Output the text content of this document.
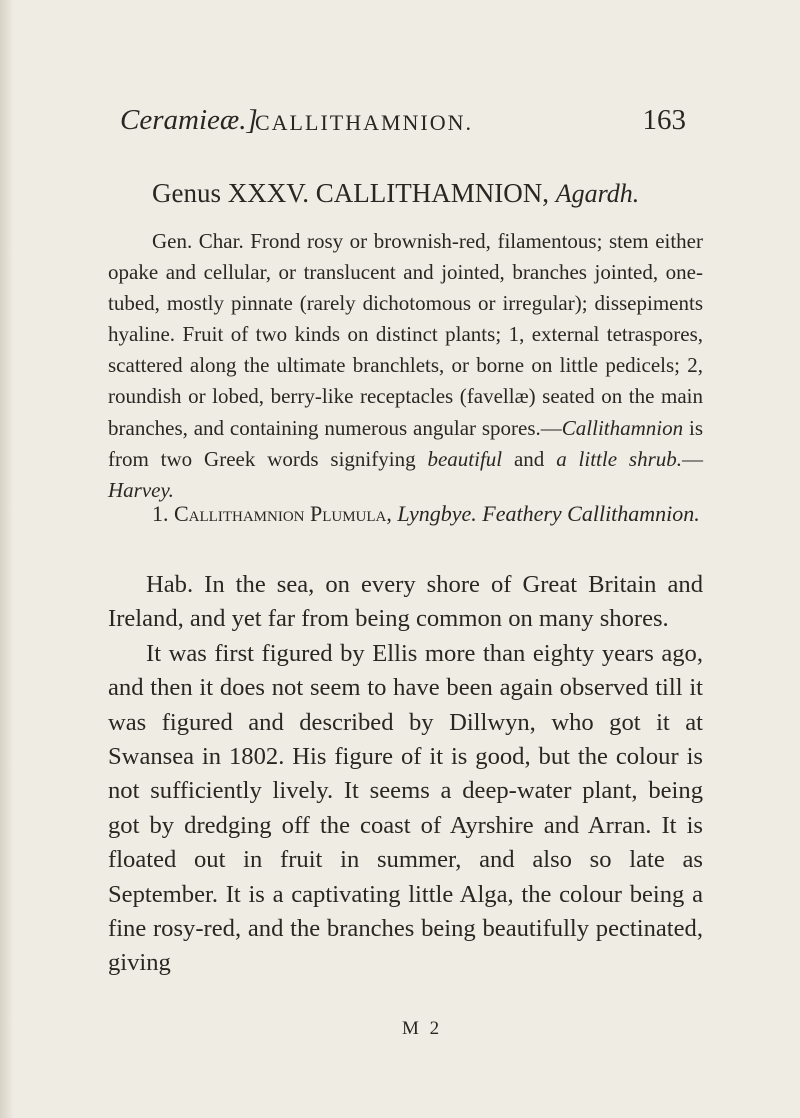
Ceramieæ.]
CALLITHAMNION.	163
Genus XXXV. CALLITHAMNION, Agardh.

Gen. Char. Frond rosy or brownish-red, filamentous; stem either opake and cellular, or translucent and jointed, branches jointed, one-tubed, mostly pinnate (rarely dichotomous or irregular); dissepiments hyaline. Fruit of two kinds on distinct plants; 1, external tetraspores, scattered along the ultimate branchlets, or borne on little pedicels; 2, roundish or lobed, berry-like receptacles (favellæ) seated on the main branches, and containing numerous angular spores.—Callithamnion is from two Greek words signifying beautiful and a little shrub.—Harvey.

1. Callithamnion Plumula, Lyngbye. Feathery Callithamnion.

Hab. In the sea, on every shore of Great Britain and Ireland, and yet far from being common on many shores.

It was first figured by Ellis more than eighty years ago, and then it does not seem to have been again observed till it was figured and described by Dillwyn, who got it at Swansea in 1802. His figure of it is good, but the colour is not sufficiently lively. It seems a deep-water plant, being got by dredging off the coast of Ayrshire and Arran. It is floated out in fruit in summer, and also so late as September. It is a captivating little Alga, the colour being a fine rosy-red, and the branches being beautifully pectinated, giving

M 2
